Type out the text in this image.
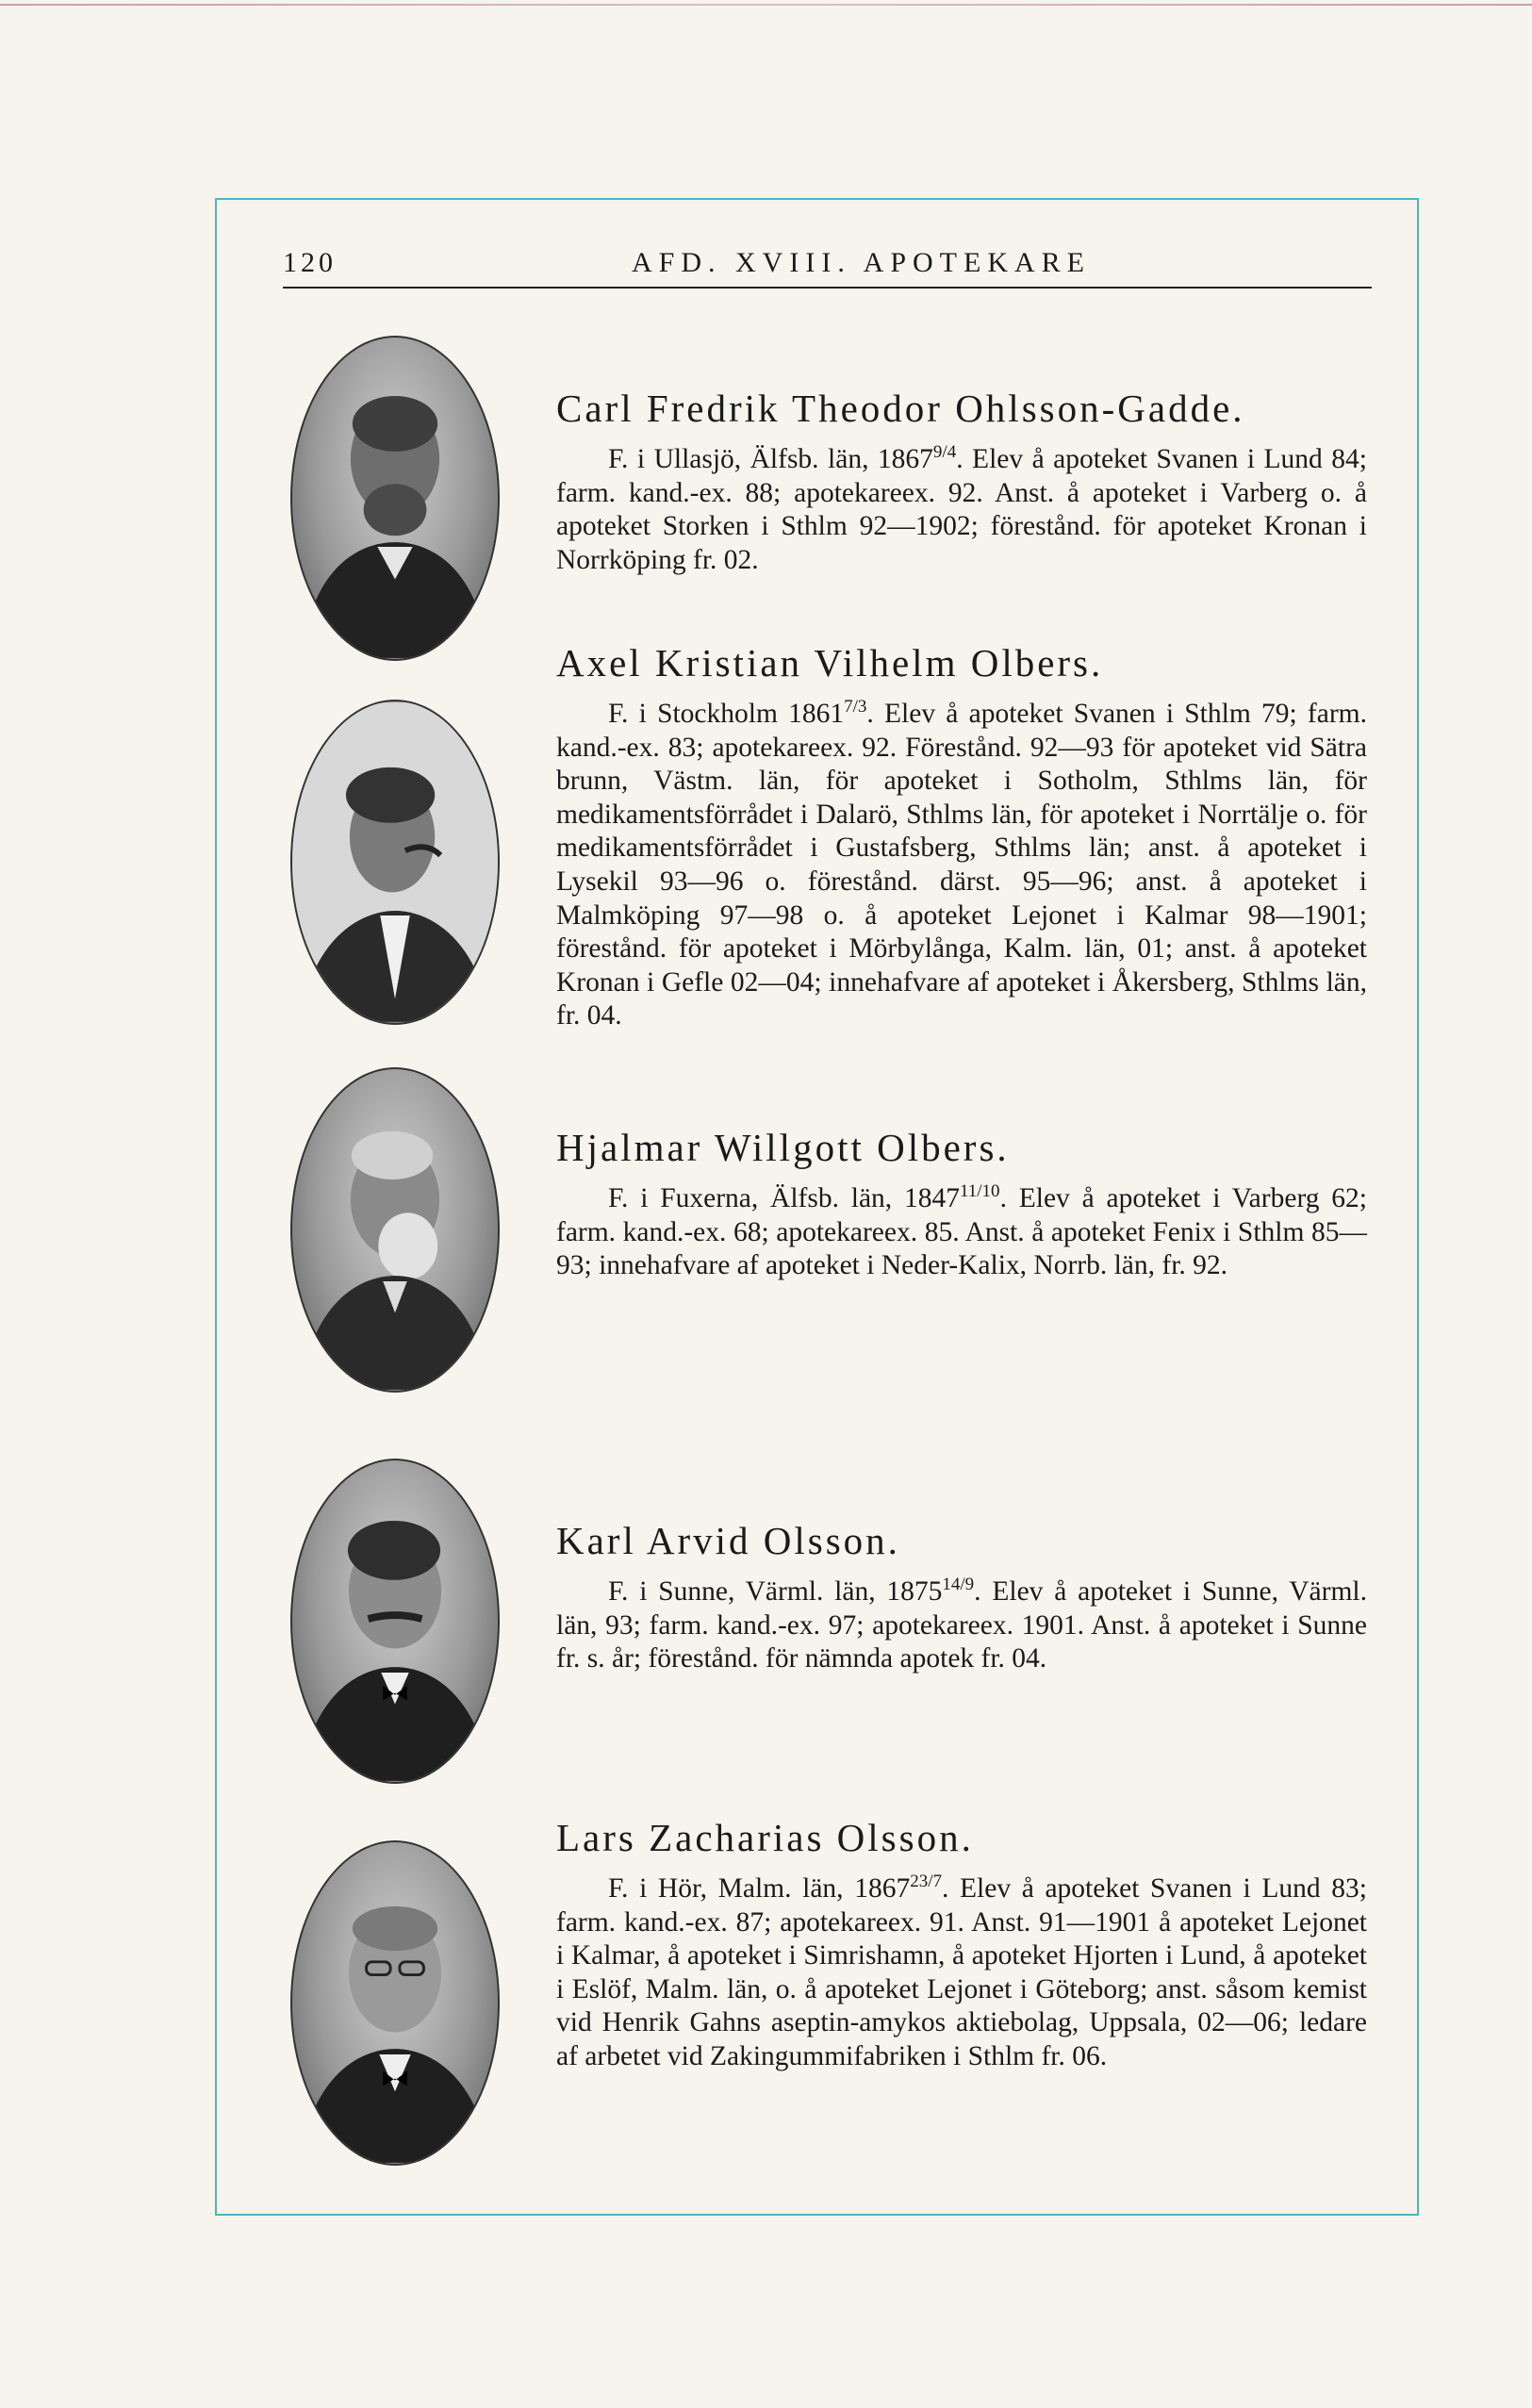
120	AFD. XVIII. APOTEKARE

Carl Fredrik Theodor Ohlsson-Gadde.

F. i Ullasjö, Älfsb. län, $1867^{9/4}$. Elev å apoteket Svanen i Lund 84; farm. kand.-ex. 88; apotekareex. 92. Anst. å apoteket i Varberg o. å apoteket Storken i Sthlm 92—1902; förestånd. för apoteket Kronan i Norrköping fr. 02.

Axel Kristian Vilhelm Olbers.

F. i Stockholm $1861^{7/3}$. Elev å apoteket Svanen i Sthlm 79; farm. kand.-ex. 83; apotekareex. 92. Förestånd. 92—93 för apoteket vid Sätra brunn, Västm. län, för apoteket i Sotholm, Sthlms län, för medikamentsförrådet i Dalarö, Sthlms län, för apoteket i Norrtälje o. för medikamentsförrådet i Gustafsberg, Sthlms län; anst. å apoteket i Lysekil 93—96 o. förestånd. därst. 95—96; anst. å apoteket i Malmköping 97—98 o. å apoteket Lejonet i Kalmar 98—1901; förestånd. för apoteket i Mörbylånga, Kalm. län, 01; anst. å apoteket Kronan i Gefle 02—04; innehafvare af apoteket i Åkersberg, Sthlms län, fr. 04.

Hjalmar Willgott Olbers.

F. i Fuxerna, Älfsb. län, $1847^{11/10}$. Elev å apoteket i Varberg 62; farm. kand.-ex. 68; apotekareex. 85. Anst. å apoteket Fenix i Sthlm 85—93; innehafvare af apoteket i Neder-Kalix, Norrb. län, fr. 92.

Karl Arvid Olsson.

F. i Sunne, Värml. län, $1875^{14/9}$. Elev å apoteket i Sunne, Värml. län, 93; farm. kand.-ex. 97; apotekareex. 1901. Anst. å apoteket i Sunne fr. s. år; förestånd. för nämnda apotek fr. 04.

Lars Zacharias Olsson.

F. i Hör, Malm. län, $1867^{23/7}$. Elev å apoteket Svanen i Lund 83; farm. kand.-ex. 87; apotekareex. 91. Anst. 91—1901 å apoteket Lejonet i Kalmar, å apoteket i Simrishamn, å apoteket Hjorten i Lund, å apoteket i Eslöf, Malm. län, o. å apoteket Lejonet i Göteborg; anst. såsom kemist vid Henrik Gahns aseptin-amykos aktiebolag, Uppsala, 02—06; ledare af arbetet vid Zakingummifabriken i Sthlm fr. 06.
